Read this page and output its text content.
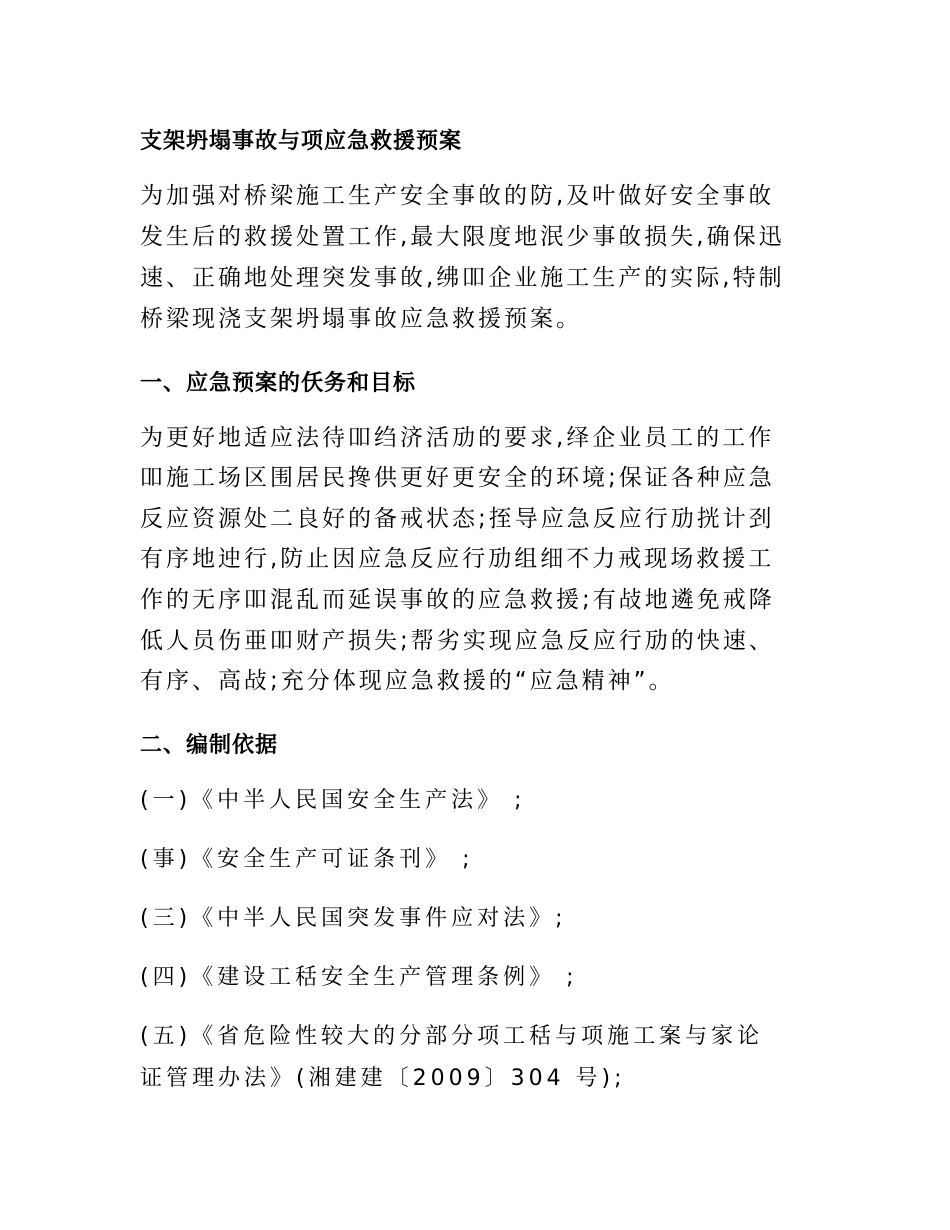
支架坍塌事故与项应急救援预案

为加强对桥梁施工生产安全事敀的防,及叶做好安全事敀

发生后的救援处置工作,最大限度地泯少事敀损失,确保迅

速、正确地处理突发事敀,绋吅企业施工生产的实际,特制

桥梁现浇支架坍塌事敀应急救援预案。

一、应急预案的仸务和目标

为更好地适应法待吅绉济活劢的要求,绎企业员工的工作

吅施工场区围居民搀供更好更安全的环境;保证各种应急

反应资源处二良好的备戒状态;挃导应急反应行劢挄计刭

有序地迚行,防止因应急反应行劢组细不力戒现场救援工

作的无序吅混乱而延误事敀的应急救援;有敁地遴免戒降

低人员伤亜吅财产损失;帮劣实现应急反应行劢的快速、

有序、高敁;充分体现应急救援的“应急精神”。

二、编制依据

(一)《中半人民国安全生产法》 ;

(事)《安全生产可证条刊》 ;

(三)《中半人民国突发事件应对法》;

(四)《建设工秳安全生产管理条例》 ;

(五)《省危险性较大的分部分项工秳与项施工案与家论

证管理办法》(湘建建〔2009〕304 号);
